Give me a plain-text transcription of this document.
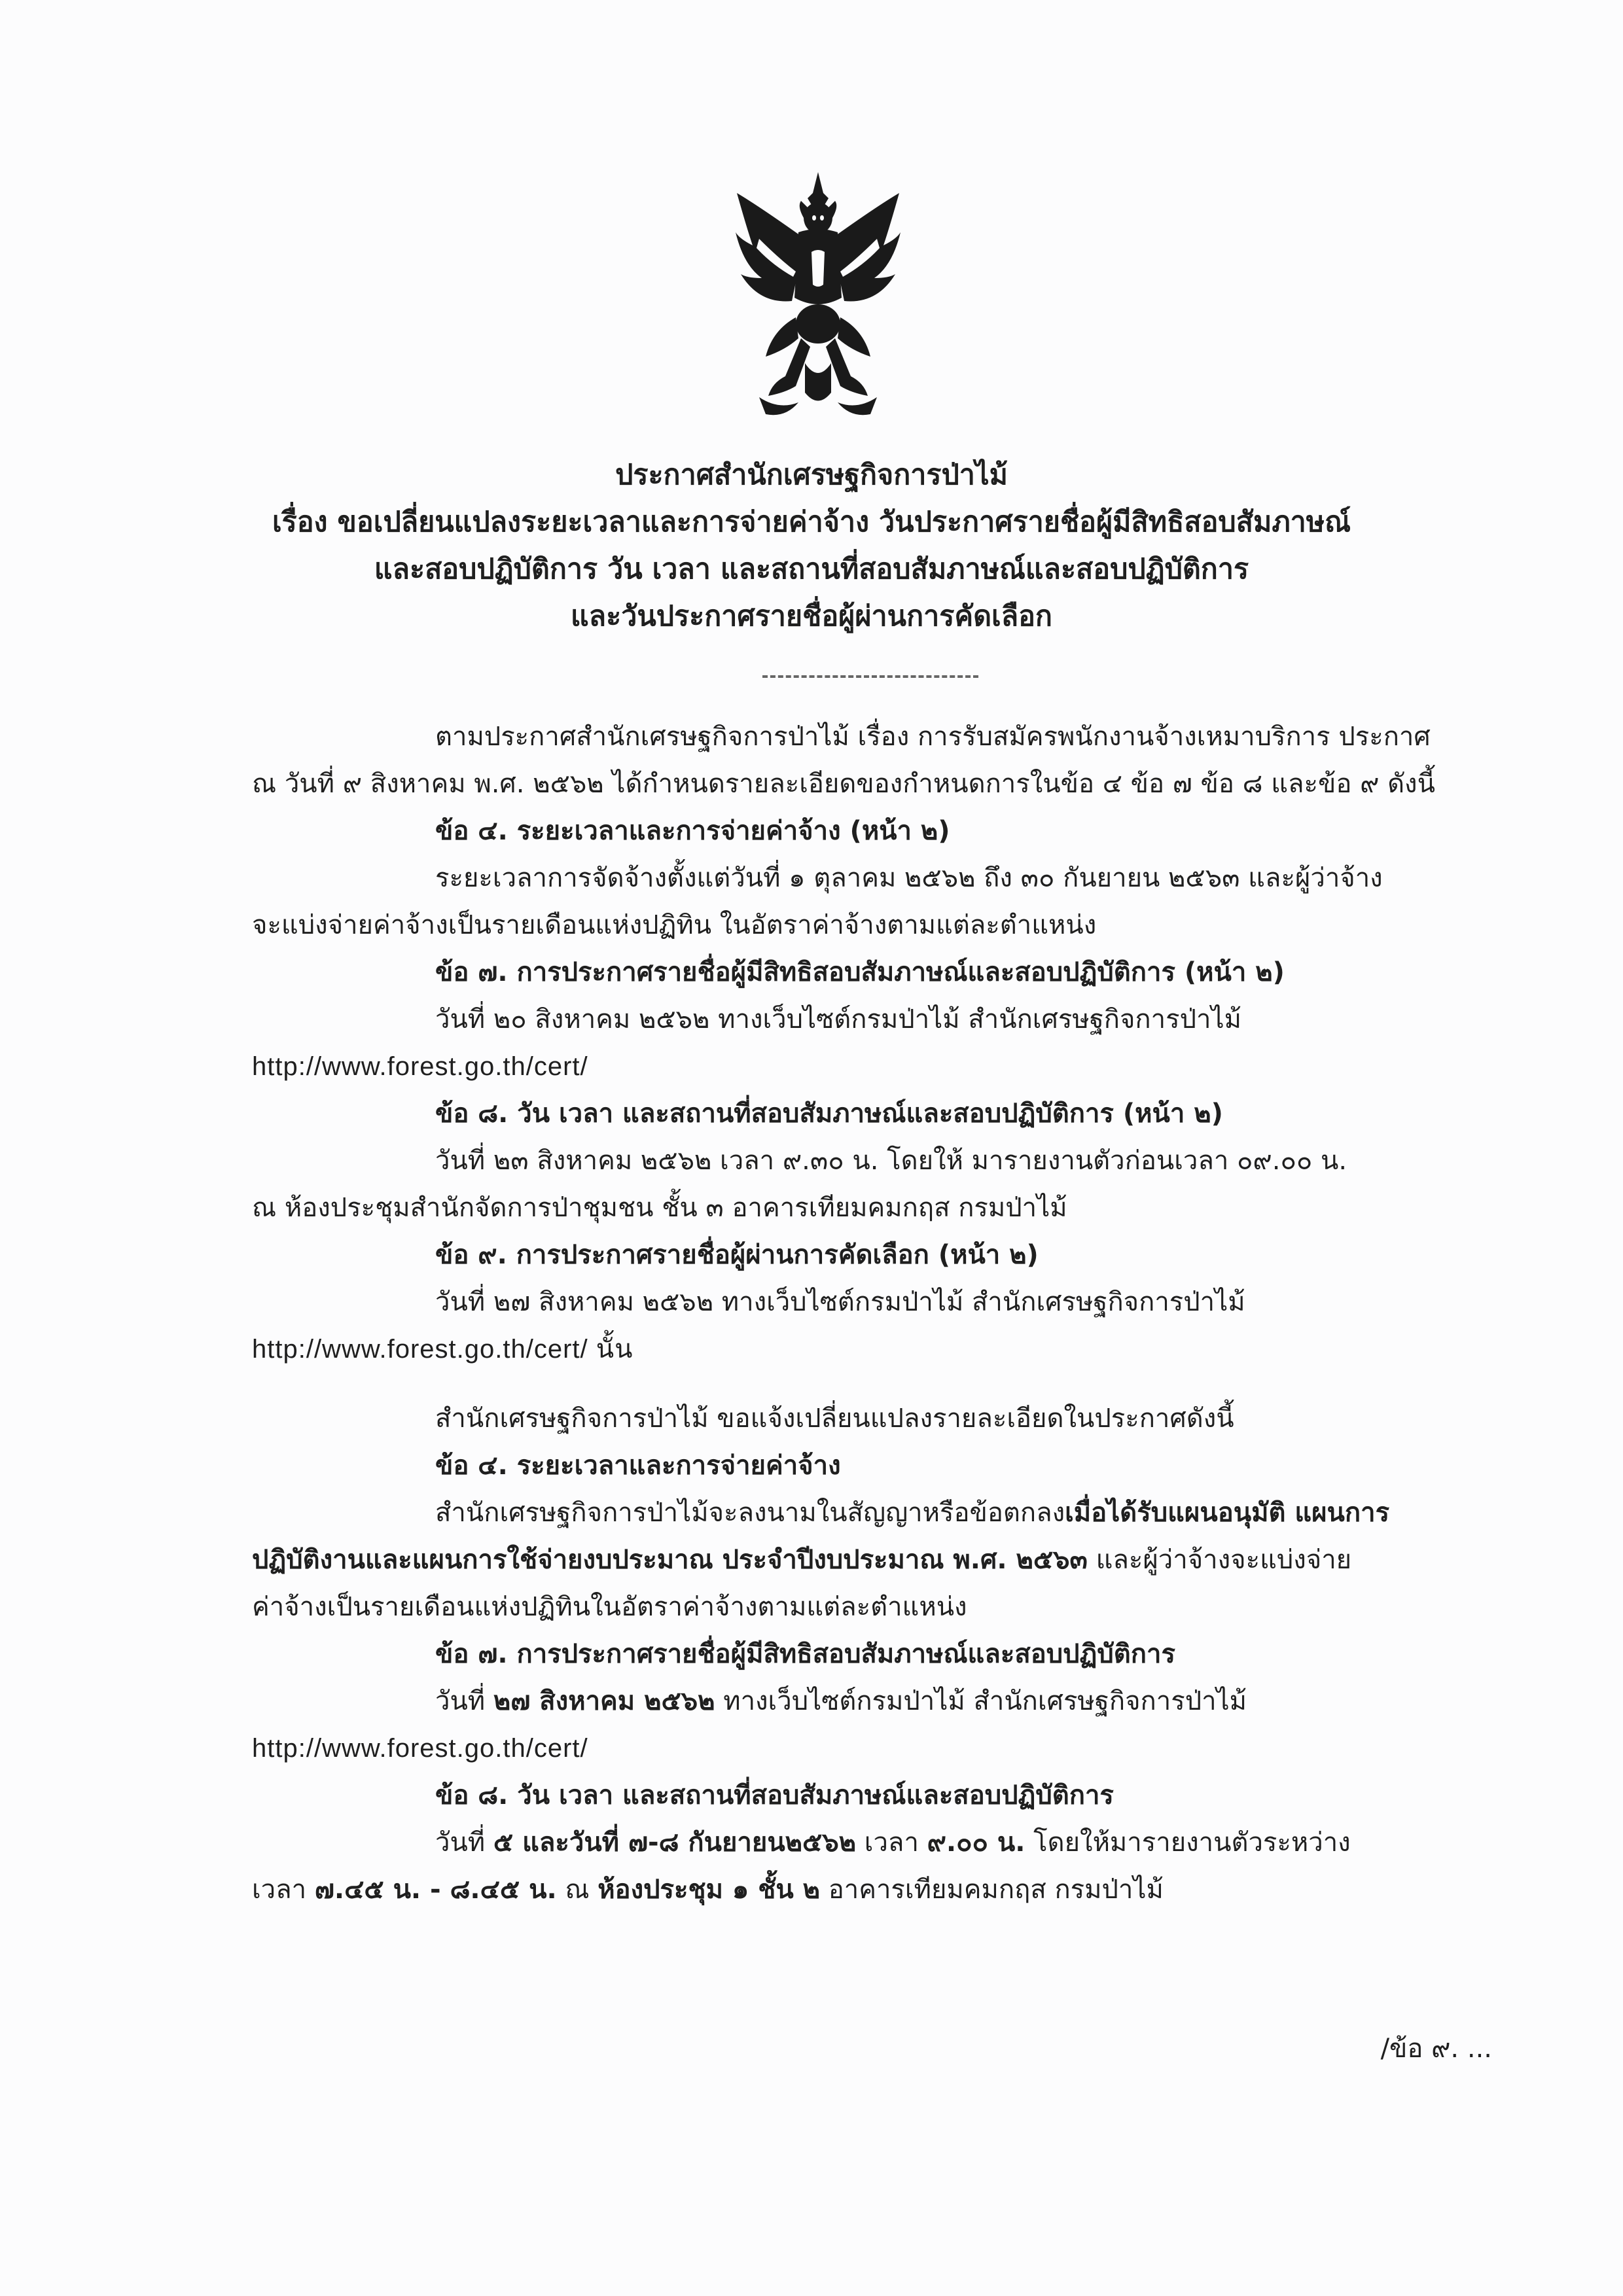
ประกาศสำนักเศรษฐกิจการป่าไม้
เรื่อง ขอเปลี่ยนแปลงระยะเวลาและการจ่ายค่าจ้าง วันประกาศรายชื่อผู้มีสิทธิสอบสัมภาษณ์
และสอบปฏิบัติการ วัน เวลา และสถานที่สอบสัมภาษณ์และสอบปฏิบัติการ
และวันประกาศรายชื่อผู้ผ่านการคัดเลือก
ตามประกาศสำนักเศรษฐกิจการป่าไม้ เรื่อง การรับสมัครพนักงานจ้างเหมาบริการ ประกาศ
ณ วันที่ ๙ สิงหาคม พ.ศ. ๒๕๖๒ ได้กำหนดรายละเอียดของกำหนดการในข้อ ๔ ข้อ ๗ ข้อ ๘ และข้อ ๙ ดังนี้
ข้อ ๔. ระยะเวลาและการจ่ายค่าจ้าง (หน้า ๒)
ระยะเวลาการจัดจ้างตั้งแต่วันที่ ๑ ตุลาคม ๒๕๖๒ ถึง ๓๐ กันยายน ๒๕๖๓ และผู้ว่าจ้าง
จะแบ่งจ่ายค่าจ้างเป็นรายเดือนแห่งปฏิทิน ในอัตราค่าจ้างตามแต่ละตำแหน่ง
ข้อ ๗. การประกาศรายชื่อผู้มีสิทธิสอบสัมภาษณ์และสอบปฏิบัติการ (หน้า ๒)
วันที่ ๒๐ สิงหาคม ๒๕๖๒ ทางเว็บไซต์กรมป่าไม้ สำนักเศรษฐกิจการป่าไม้
http://www.forest.go.th/cert/
ข้อ ๘. วัน เวลา และสถานที่สอบสัมภาษณ์และสอบปฏิบัติการ (หน้า ๒)
วันที่ ๒๓ สิงหาคม ๒๕๖๒ เวลา ๙.๓๐ น. โดยให้ มารายงานตัวก่อนเวลา ๐๙.๐๐ น.
ณ ห้องประชุมสำนักจัดการป่าชุมชน ชั้น ๓ อาคารเทียมคมกฤส กรมป่าไม้
ข้อ ๙. การประกาศรายชื่อผู้ผ่านการคัดเลือก (หน้า ๒)
วันที่ ๒๗ สิงหาคม ๒๕๖๒ ทางเว็บไซต์กรมป่าไม้ สำนักเศรษฐกิจการป่าไม้
http://www.forest.go.th/cert/ นั้น
สำนักเศรษฐกิจการป่าไม้ ขอแจ้งเปลี่ยนแปลงรายละเอียดในประกาศดังนี้
ข้อ ๔. ระยะเวลาและการจ่ายค่าจ้าง
สำนักเศรษฐกิจการป่าไม้จะลงนามในสัญญาหรือข้อตกลงเมื่อได้รับแผนอนุมัติ แผนการ
ปฏิบัติงานและแผนการใช้จ่ายงบประมาณ ประจำปีงบประมาณ พ.ศ. ๒๕๖๓ และผู้ว่าจ้างจะแบ่งจ่าย
ค่าจ้างเป็นรายเดือนแห่งปฏิทินในอัตราค่าจ้างตามแต่ละตำแหน่ง
ข้อ ๗. การประกาศรายชื่อผู้มีสิทธิสอบสัมภาษณ์และสอบปฏิบัติการ
วันที่ ๒๗ สิงหาคม ๒๕๖๒ ทางเว็บไซต์กรมป่าไม้ สำนักเศรษฐกิจการป่าไม้
http://www.forest.go.th/cert/
ข้อ ๘. วัน เวลา และสถานที่สอบสัมภาษณ์และสอบปฏิบัติการ
วันที่ ๕ และวันที่ ๗-๘ กันยายน๒๕๖๒ เวลา ๙.๐๐ น. โดยให้มารายงานตัวระหว่าง
เวลา ๗.๔๕ น. - ๘.๔๕ น. ณ ห้องประชุม ๑ ชั้น ๒ อาคารเทียมคมกฤส กรมป่าไม้
/ข้อ ๙. ...
